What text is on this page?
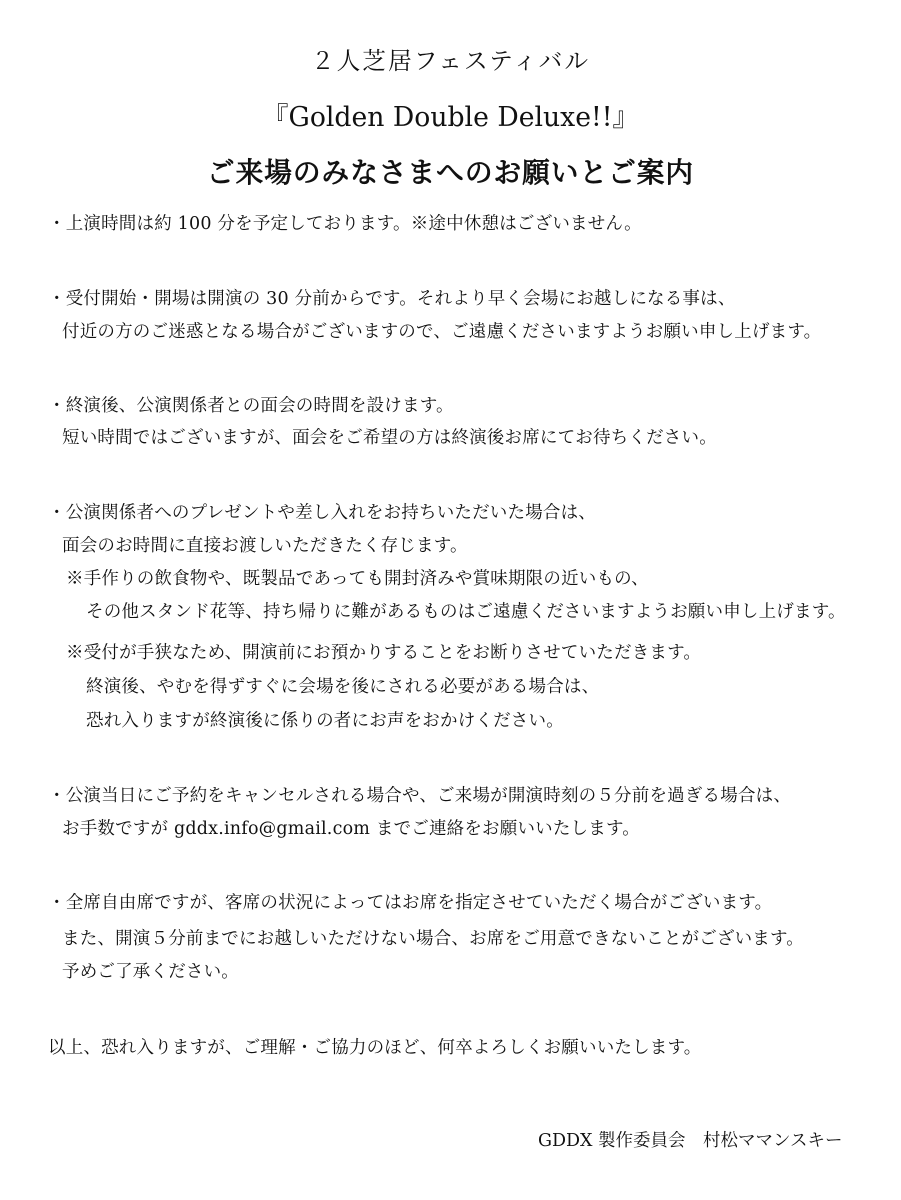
２人芝居フェスティバル
『Golden Double Deluxe!!』
ご来場のみなさまへのお願いとご案内
・上演時間は約 100 分を予定しております。※途中休憩はございません。
・受付開始・開場は開演の 30 分前からです。それより早く会場にお越しになる事は、
付近の方のご迷惑となる場合がございますので、ご遠慮くださいますようお願い申し上げます。
・終演後、公演関係者との面会の時間を設けます。
短い時間ではございますが、面会をご希望の方は終演後お席にてお待ちください。
・公演関係者へのプレゼントや差し入れをお持ちいただいた場合は、
面会のお時間に直接お渡しいただきたく存じます。
※手作りの飲食物や、既製品であっても開封済みや賞味期限の近いもの、
その他スタンド花等、持ち帰りに難があるものはご遠慮くださいますようお願い申し上げます。
※受付が手狭なため、開演前にお預かりすることをお断りさせていただきます。
終演後、やむを得ずすぐに会場を後にされる必要がある場合は、
恐れ入りますが終演後に係りの者にお声をおかけください。
・公演当日にご予約をキャンセルされる場合や、ご来場が開演時刻の５分前を過ぎる場合は、
お手数ですが gddx.info@gmail.com までご連絡をお願いいたします。
・全席自由席ですが、客席の状況によってはお席を指定させていただく場合がございます。
また、開演５分前までにお越しいただけない場合、お席をご用意できないことがございます。
予めご了承ください。
以上、恐れ入りますが、ご理解・ご協力のほど、何卒よろしくお願いいたします。
GDDX 製作委員会　村松ママンスキー
